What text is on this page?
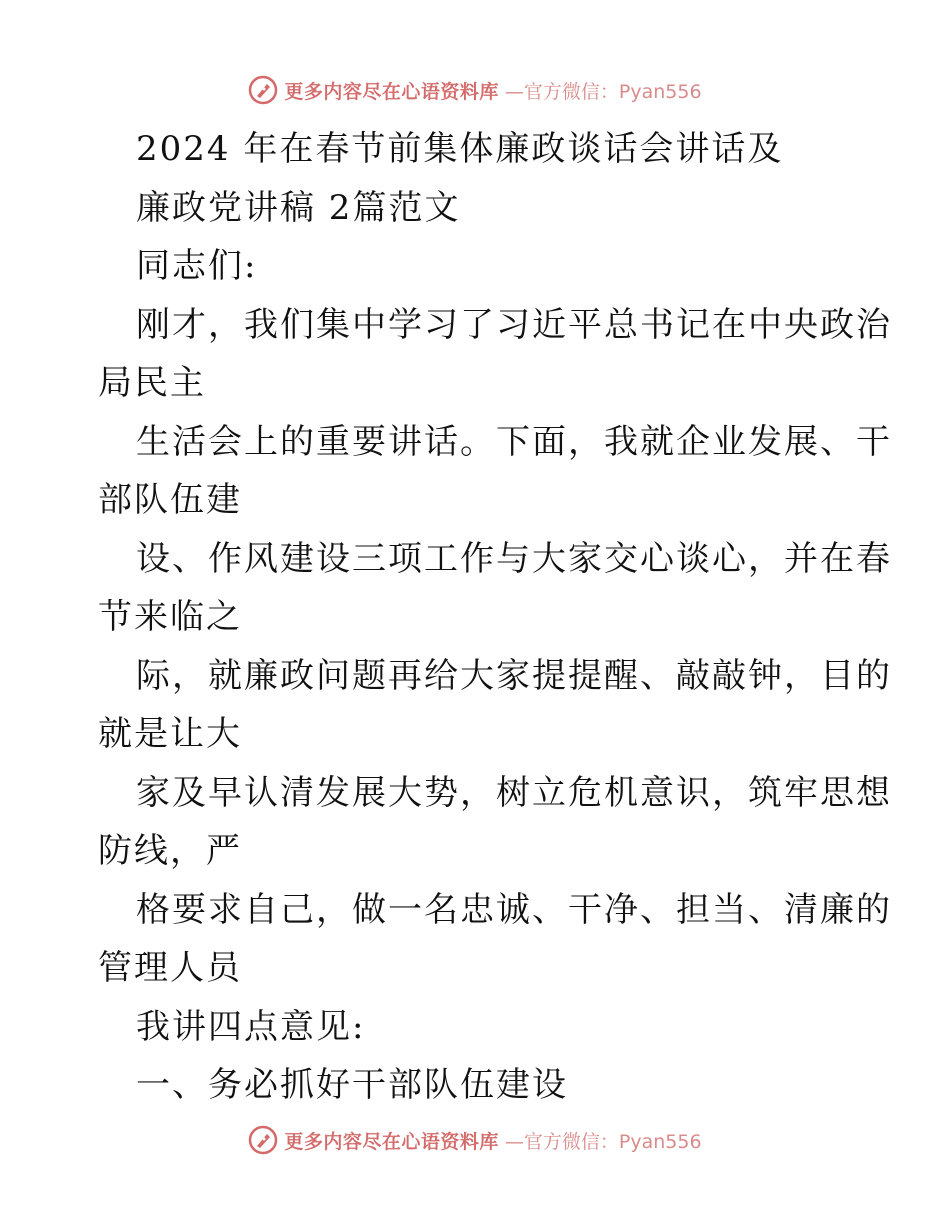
更多内容尽在心语资料库 —官方微信：Pyan556
2024 年在春节前集体廉政谈话会讲话及
廉政党讲稿 2篇范文
同志们:
刚才，我们集中学习了习近平总书记在中央政治
局民主
生活会上的重要讲话。下面，我就企业发展、干
部队伍建
设、作风建设三项工作与大家交心谈心，并在春
节来临之
际，就廉政问题再给大家提提醒、敲敲钟，目的
就是让大
家及早认清发展大势，树立危机意识，筑牢思想
防线，严
格要求自己，做一名忠诚、干净、担当、清廉的
管理人员
我讲四点意见:
一、务必抓好干部队伍建设
更多内容尽在心语资料库 —官方微信：Pyan556
